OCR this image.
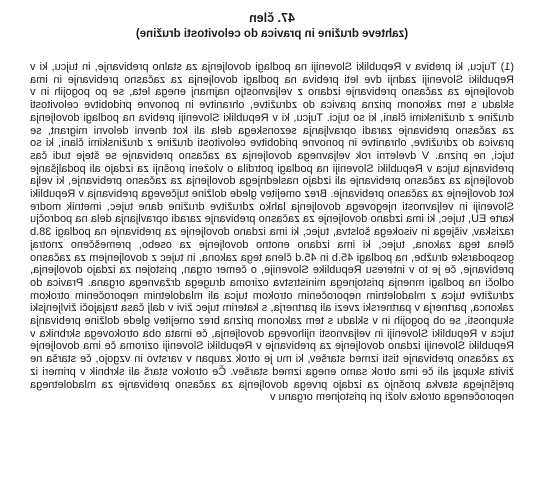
47. člen
(zahteve družine in pravica do celovitosti družine)
(1) Tujcu, ki prebiva v Republiki Sloveniji na podlagi dovoljenja za stalno prebivanje, in tujcu, ki v Republiki Sloveniji zadnji dve leti prebiva na podlagi dovoljenja za začasno prebivanje in ima dovoljenje za začasno prebivanje izdano z veljavnostjo najmanj enega leta, se po pogojih in v skladu s tem zakonom prizna pravica do združitve, ohranitve in ponovne pridobitve celovitosti družine z družinskimi člani, ki so tujci. Tujcu, ki v Republiki Sloveniji prebiva na podlagi dovoljenja za začasno prebivanje zaradi opravljanja sezonskega dela ali kot dnevni delovni migrant, se pravica do združitve, ohranitve in ponovne pridobitve celovitosti družine z družinskimi člani, ki so tujci, ne prizna. V dvelетni rok veljavnega dovoljenja za začasno prebivanje se šteje tudi čas prebivanja tujca v Republiki Sloveniji na podlagi potrdila o vloženi prošnji za izdajo ali podaljšanje dovoljenja za začasno prebivanje ali izdajo naslednjega dovoljenja za začasno prebivanje, ki velja kot dovoljenje za začasno prebivanje. Brez omejitev glede dolžine tujčevega prebivanja v Republiki Sloveniji in veljavnosti njegovega dovoljenja lahko združitve družine dane tujec, imetnik modre karte EU, tujec, ki ima izdano dovoljenje za začasno prebivanje zaradi opravljanja dela na področju raziskav, višjega in visokega šolstva, tujec, ki ima izdano dovoljenje za prebivanje na podlagi 38.b člena tega zakona, tujec, ki ima izdano enotno dovoljenje za osebo, premeščeno znotraj gospodarske družbe, na podlagi 45.b in 45.d člena tega zakona, in tujec z dovoljenjem za začasno prebivanje, če je to v interesu Republike Slovenije, o čemer organ, pristojen za izdajo dovoljenja, odloči na podlagi mnenja pristojnega ministrstva oziroma drugega državnega organa. Pravica do združitve tujca z mladoletnim neporočenim otrokom tujca ali mladoletnim neporočenim otrokom zakonca, partnerja v partnerski zvezi ali partnerja, s katerim tujec živi v dalj časa trajajoči življenjski skupnosti, se ob pogojih in v skladu s tem zakonom prizna brez omejitev glede dolžine prebivanja tujca v Republiki Sloveniji in veljavnosti njihovega dovoljenja, če imata oba otrokovega skrbnika v Republiki Sloveniji izdano dovoljenje za prebivanje v Republiki Sloveniji oziroma če ima dovoljenje za začasno prebivanje tisti izmed staršev, ki mu je otrok zaupan v varstvo in vzgojo, če starša ne živita skupaj ali če ima otrok samo enega izmed staršev. Če otrokov starš ali skrbnik v primeri iz prejšnjega stavka prošnjo za izdajo prvega dovoljenja za začasno prebivanje za mladoletnega neporočenega otroka vloži pri pristojnem organu v
